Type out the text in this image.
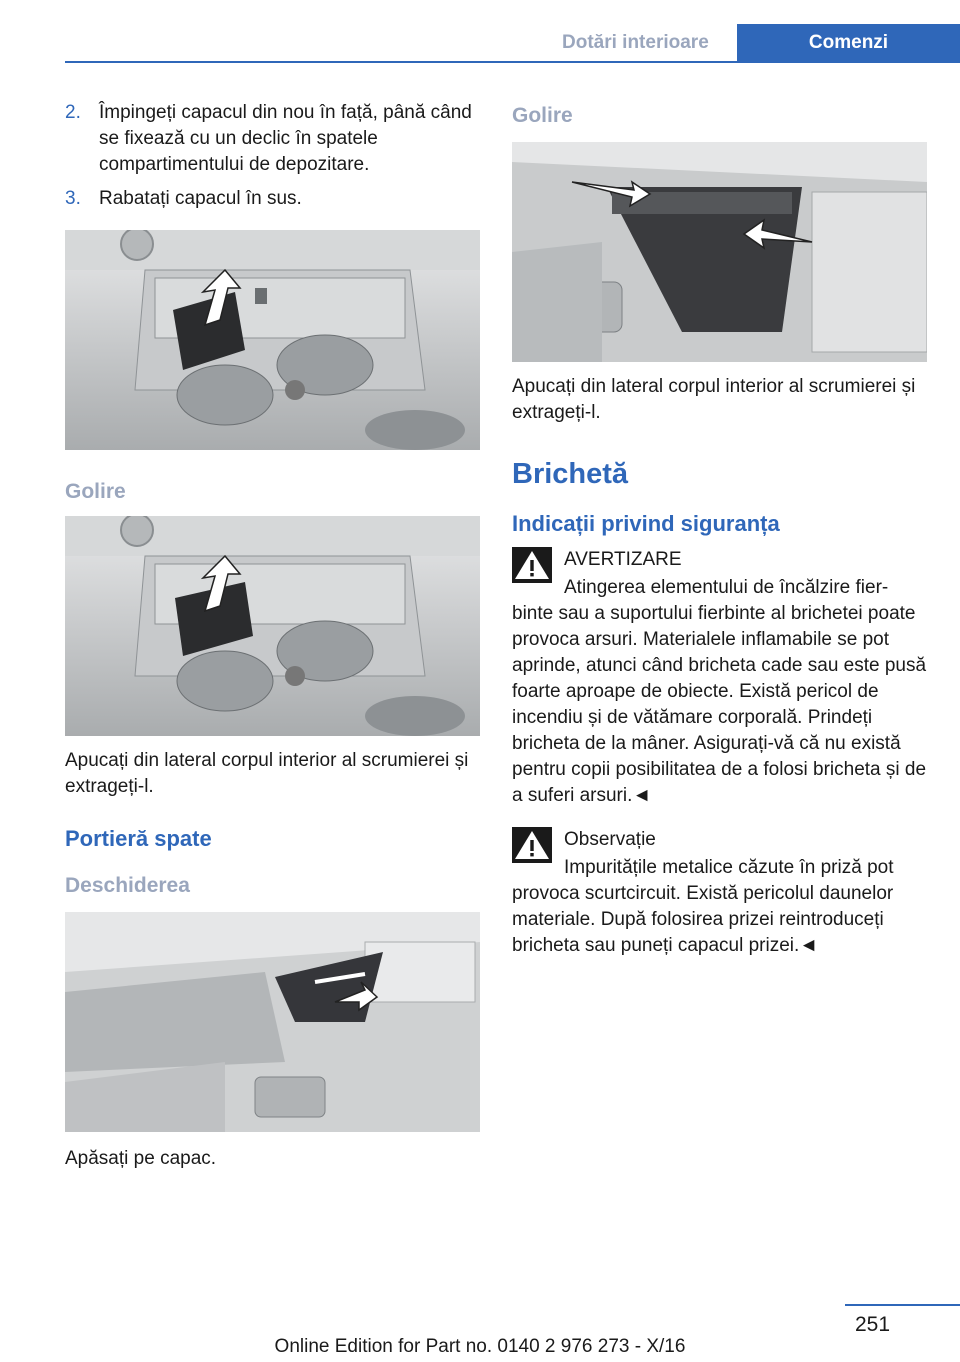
Dotări interioare	Comenzi
2. Împingeți capacul din nou în față, până când se fixează cu un declic în spatele compartimentului de depozitare.
3. Rabatați capacul în sus.
Golire

Apucați din lateral corpul interior al scrumierei și extrageți-l.

Portieră spate
Deschiderea

Apăsați pe capac.

Golire

Apucați din lateral corpul interior al scrumierei și extrageți-l.

Brichetă
Indicații privind siguranța

AVERTIZARE

Atingerea elementului de încălzire fier-

binte sau a suportului fierbinte al brichetei poate provoca arsuri. Materialele inflamabile se pot aprinde, atunci când bricheta cade sau este pusă foarte aproape de obiecte. Există pericol de incendiu și de vătămare corporală. Prindeți bricheta de la mâner. Asigurați-vă că nu există pentru copii posibilitatea de a folosi bricheta și de a suferi arsuri.◄

Observație

Impuritățile metalice căzute în priză pot

provoca scurtcircuit. Există pericolul daunelor materiale. După folosirea prizei reintroduceți bricheta sau puneți capacul prizei.◄

251
Online Edition for Part no. 0140 2 976 273 - X/16
